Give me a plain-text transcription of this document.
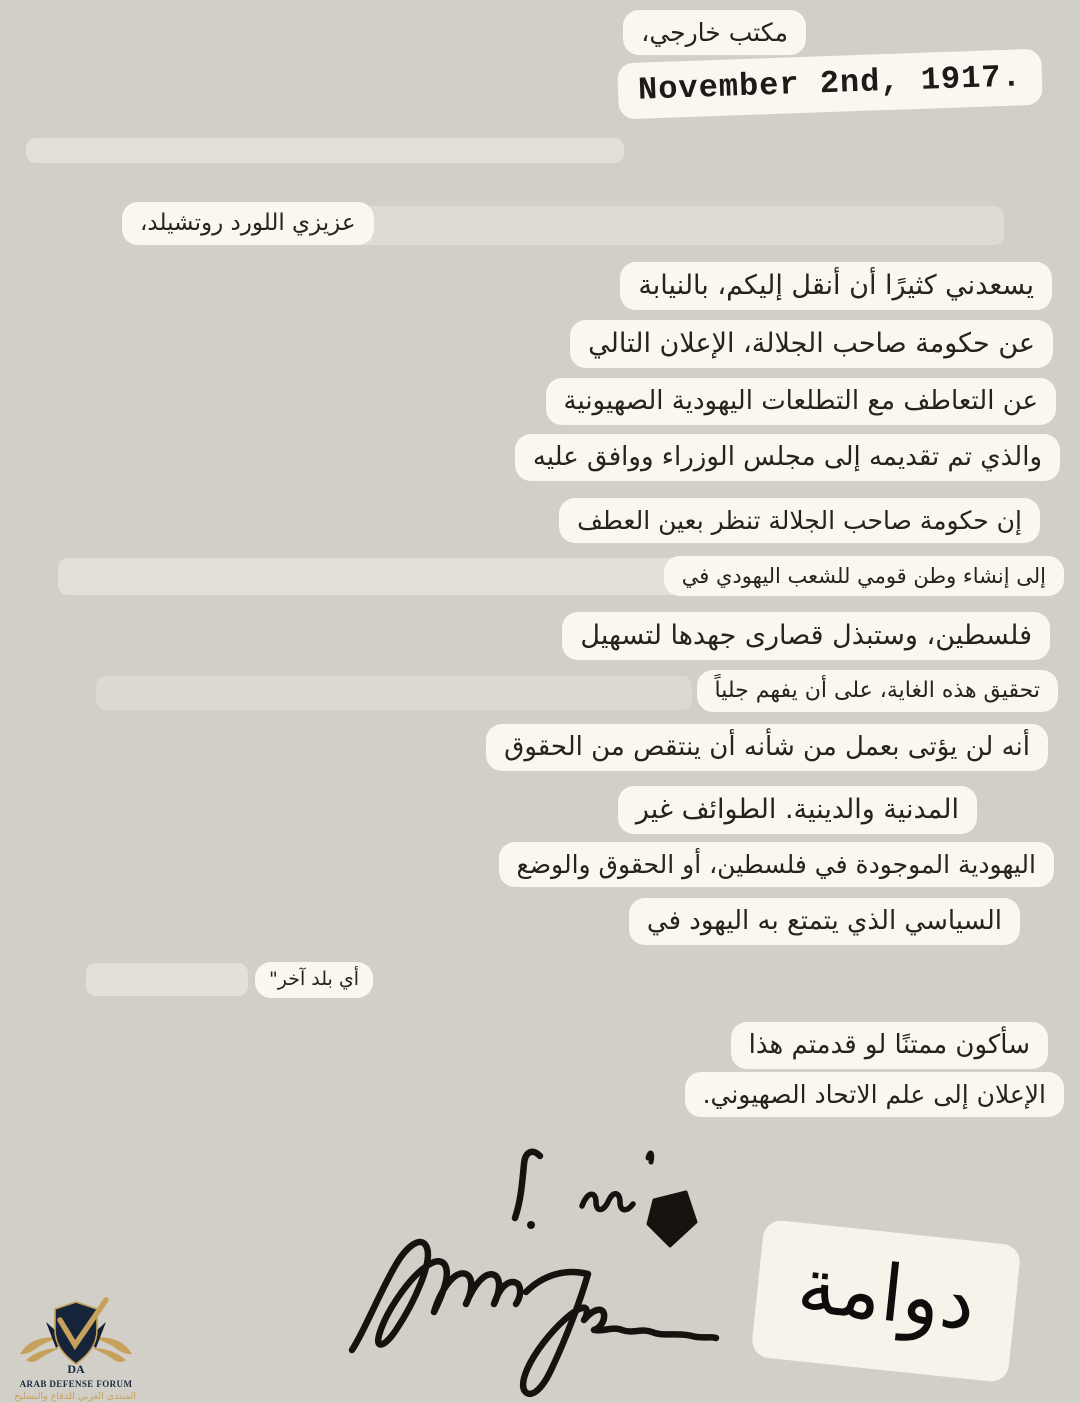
مكتب خارجي،
November 2nd, 1917.
عزيزي اللورد روتشيلد،
يسعدني كثيرًا أن أنقل إليكم، بالنيابة
عن حكومة صاحب الجلالة، الإعلان التالي
عن التعاطف مع التطلعات اليهودية الصهيونية
والذي تم تقديمه إلى مجلس الوزراء ووافق عليه
إن حكومة صاحب الجلالة تنظر بعين العطف
إلى إنشاء وطن قومي للشعب اليهودي في
فلسطين، وستبذل قصارى جهدها لتسهيل
تحقيق هذه الغاية، على أن يفهم جلياً
أنه لن يؤتى بعمل من شأنه أن ينتقص من الحقوق
المدنية والدينية. الطوائف غير
اليهودية الموجودة في فلسطين، أو الحقوق والوضع
السياسي الذي يتمتع به اليهود في
أي بلد آخر"
سأكون ممتنًا لو قدمتم هذا
الإعلان إلى علم الاتحاد الصهيوني.
دوامة
DA
ARAB DEFENSE FORUM
المنتدى العربي للدفاع والتسليح
